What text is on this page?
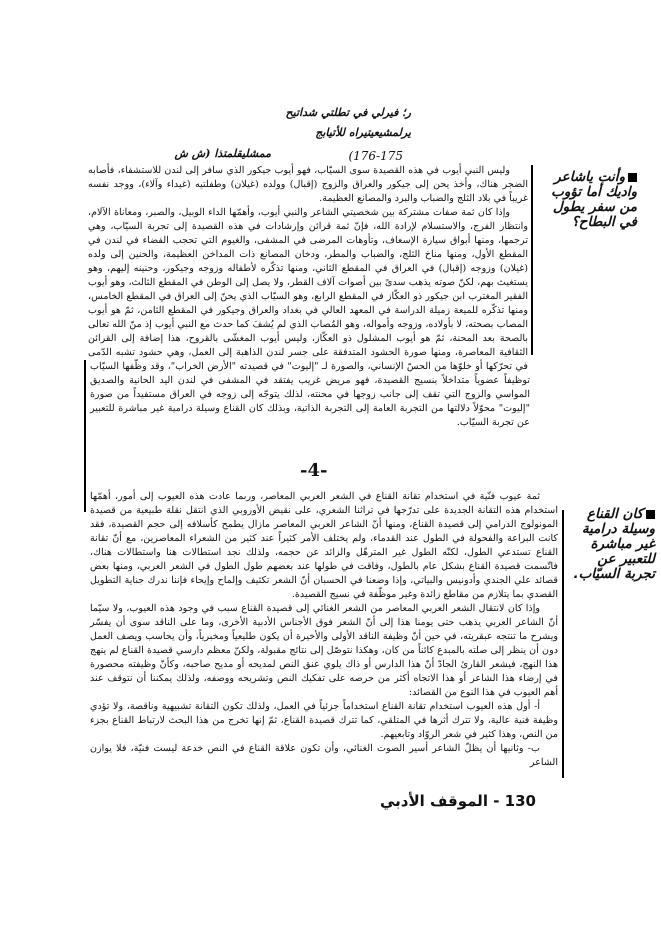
ر؛ فيرلي في تطلتي شداتيح
يرلمشيعيتيراه للأتيابج
ممشليقلمتذا (ش ش	176-175)
وأنت ياشاعر واديك أما تؤوب من سفر يطول في البطاح؟
كان القناع وسيلة درامية غير مباشرة للتعبير عن تجربة السيّاب.

وليس النبي أيوب في هذه القصيدة سوى السيّاب، فهو أيوب جيكور الذي سافر إلى لندن للاستشفاء، فأصابه الضجر هناك، وأخذ يحن إلى جيكور والعراق والزوج (إقبال) وولده (غيلان) وطفلتيه (غيداء وآلاء)، ووجد نفسه غريباً في بلاد الثلج والضباب والبرد والمصانع العظيمة.

وإذا كان ثمة صفات مشتركة بين شخصيتي الشاعر والنبي أيوب، وأهمّها الداء الوبيل، والصبر، ومعاناة الآلام، وانتظار الفرج، والاستسلام لإرادة الله، فإنّ ثمة قرائن وإرشادات في هذه القصيدة إلى تجربة السيّاب، وهي ترجمها، ومنها أبواق سيارة الإسعاف، وتأوهات المرضى في المشفى، والغيوم التي تحجب الفضاء في لندن في المقطع الأول، ومنها مناخ الثلج، والضباب والمطر، ودخان المصانع ذات المداخن العظيمة، والحنين إلى ولده (غيلان) وزوجه (إقبال) في العراق في المقطع الثاني، ومنها تذكّره لأطفاله وزوجه وجيكور، وحنينه إليهم، وهو يستغيث بهم، لكنّ صوته يذهب سدىً بين أصوات آلاف القطر، ولا يصل إلى الوطن في المقطع الثالث، وهو أيوب الفقير المغترب ابن جيكور ذو العكّاز في المقطع الرابع، وهو السيّاب الذي يحنّ إلى العراق في المقطع الخامس، ومنها تذكّره للميعة زميلة الدراسة في المعهد العالي في بغداد والعراق وجيكور في المقطع الثامن، ثمّ هو أيوب المصاب بصحته، لا بأولاده، وزوجه وأمواله، وهو المُصاب الذي لم يُشفَ كما حدث مع النبي أيوب إذ منّ الله تعالى بالصحة بعد المحنة، ثمّ هو أيوب المشلول ذو العكّاز، وليس أيوب المغشّى بالقروح، هذا إضافة إلى القرائن الثقافية المعاصرة، ومنها صورة الحشود المتدفقة على جسر لندن الذاهبة إلى العمل، وهي حشود تشبه الدّمى في

تحرّكها أو خلوّها من الحسّ الإنساني، والصورة لـ "إليوت" في قصيدته "الأرض الخراب"، وقد وظّفها السيّاب توظيفاً عضوياً متداخلاً بنسيج القصيدة، فهو مريض غريب يفتقد في المشفى في لندن اليد الحانية والصديق المواسي والزوج التي تقف إلى جانب زوجها في محنته، لذلك يتوجّه إلى زوجه في العراق مستفيداً من صورة "إليوت" محوّلاً دلالتها من التجربة العامة إلى التجربة الذاتية، وبذلك كان القناع وسيلة درامية غير مباشرة للتعبير عن تجربة السيّاب.

-4-

ثمة عيوب فنّية في استخدام تقانة القناع في الشعر العربي المعاصر، وربما عادت هذه العيوب إلى أمور، أهمّها استخدام هذه التقانة الجديدة على تدرّجها في تراثنا الشعري، على نقيض الأوروبي الذي انتقل نقلة طبيعية من قصيدة المونولوج الدرامي إلى قصيدة القناع، ومنها أنّ الشاعر العربي المعاصر مازال يطمح كأسلافه إلى حجم القصيدة، فقد كانت البراعة والفحولة في الطول عند القدماء، ولم يختلف الأمر كثيراً عند كثير من الشعراء المعاصرين، مع أنّ تقانة القناع تستدعي الطول، لكنّه الطول غير المترهّل والزائد عن حجمه، ولذلك نجد استطالات هنا واستطالات هناك، فاتّسمت قصيدة القناع بشكل عام بالطول، وفاقت في طولها عند بعضهم طول الطول في الشعر العربي، ومنها بعض قصائد علي الجندي وأدونيس والبياتي، وإذا وضعنا في الحسبان أنّ الشعر تكثيف وإلماح وإيحاء فإننا ندرك جناية التطويل القصدي بما يتلازم من مقاطع زائدة وغير موظّفة في نسيج القصيدة.

وإذا كان لانتقال الشعر العربي المعاصر من الشعر الغنائي إلى قصيدة القناع سبب في وجود هذه العيوب، ولا سيّما أنّ الشاعر العربي يذهب حتى يومنا هذا إلى أنّ الشعر فوق الأجناس الأدبية الأخرى، وما على الناقد سوى أن يفسّر ويشرح ما تنتجه عبقريته، في حين أنّ وظيفة الناقد الأولى والأخيرة أن يكون طليعياً ومخبرياً، وأن يحاسب ويصف العمل دون أن ينظر إلى صلته بالمبدع كائناً من كان، وهكذا نتوصّل إلى نتائج مقبولة، ولكنّ معظم دارسي قصيدة القناع لم ينهج هذا النهج، فيشعر القارئ الجادّ أنّ هذا الدارس أو ذاك يلوي عنق النص لمديحه أو مديح صاحبه، وكأنّ وظيفته محصورة في إرضاء هذا الشاعر أو هذا الاتجاه أكثر من حرصه على تفكيك النص وتشريحه ووصفه، ولذلك يمكننا أن نتوقف عند أهم العيوب في هذا النوع من القصائد:

أ- أول هذه العيوب استخدام تقانة القناع استخداماً جزئياً في العمل، ولذلك تكون التقانة تشبيهية وناقصة، ولا تؤدي وظيفة فنية عالية، ولا تترك أثرها في المتلقي، كما تترك قصيدة القناع، ثمّ إنها تخرج من هذا البحث لارتباط القناع بجزء من النص، وهذا كثير في شعر الروّاد وتابعيهم.

ب- وثانيها أن يظلّ الشاعر أسير الصوت الغنائي، وأن تكون علاقة القناع في النص خدعة ليست فنيّة، فلا يوازن الشاعر

130 - الموقف الأدبي
